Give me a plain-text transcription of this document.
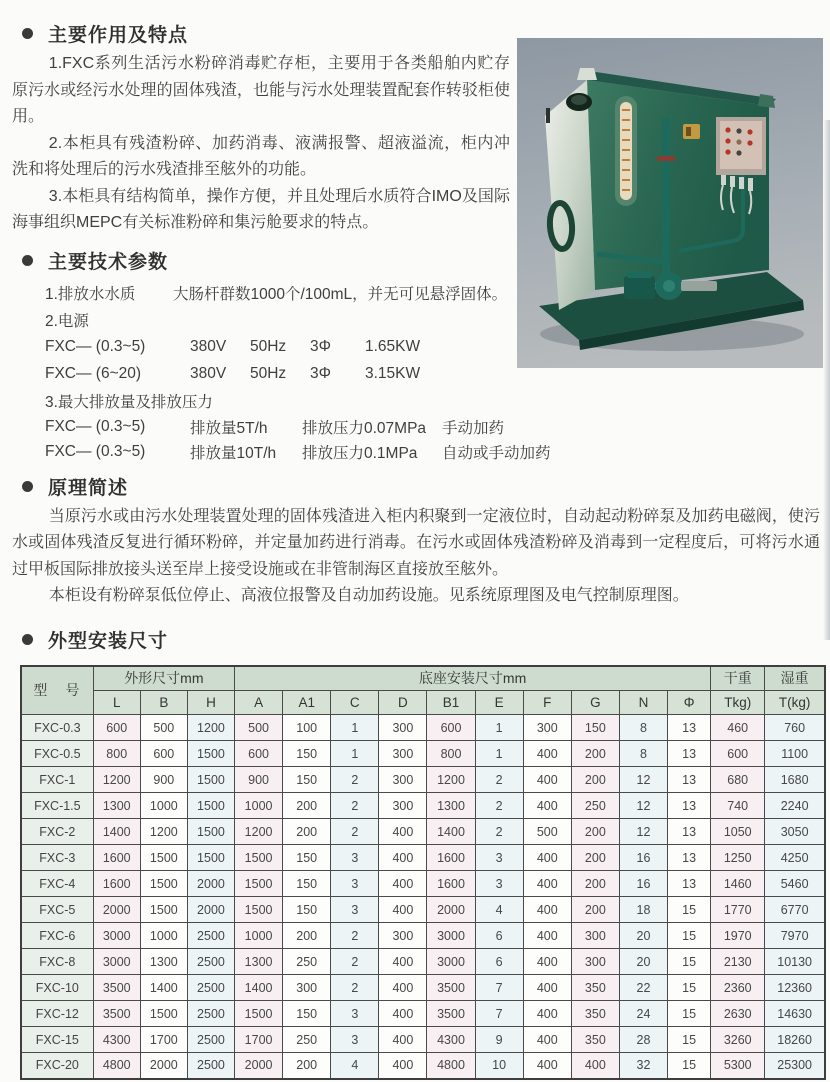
主要作用及特点

1.FXC系列生活污水粉碎消毒贮存柜，主要用于各类船舶内贮存原污水或经污水处理的固体残渣，也能与污水处理装置配套作转驳柜使用。

2.本柜具有残渣粉碎、加药消毒、液满报警、超液溢流，柜内冲洗和将处理后的污水残渣排至舷外的功能。

3.本柜具有结构简单，操作方便，并且处理后水质符合IMO及国际海事组织MEPC有关标准粉碎和集污舱要求的特点。

主要技术参数
1.排放水水质	大肠杆群数1000个/100mL，并无可见悬浮固体。
2.电源
FXC— (0.3~5)	380V	50Hz	3Φ	1.65KW
FXC— (6~20)	380V	50Hz	3Φ	3.15KW
3.最大排放量及排放压力
FXC— (0.3~5)	排放量5T/h	排放压力0.07MPa	手动加药
FXC— (0.3~5)	排放量10T/h	排放压力0.1MPa	自动或手动加药
原理简述

当原污水或由污水处理装置处理的固体残渣进入柜内积聚到一定液位时，自动起动粉碎泵及加药电磁阀，使污水或固体残渣反复进行循环粉碎，并定量加药进行消毒。在污水或固体残渣粉碎及消毒到一定程度后，可将污水通过甲板国际排放接头送至岸上接受设施或在非管制海区直接放至舷外。

本柜设有粉碎泵低位停止、高液位报警及自动加药设施。见系统原理图及电气控制原理图。

外型安装尺寸
型　号	外形尺寸mm			底座安装尺寸mm										干重	湿重
	L	B	H	A	A1	C	D	B1	E	F	G	N	Φ	Tkg)	T(kg)
FXC-0.3	600	500	1200	500	100	1	300	600	1	300	150	8	13	460	760
FXC-0.5	800	600	1500	600	150	1	300	800	1	400	200	8	13	600	1100
FXC-1	1200	900	1500	900	150	2	300	1200	2	400	200	12	13	680	1680
FXC-1.5	1300	1000	1500	1000	200	2	300	1300	2	400	250	12	13	740	2240
FXC-2	1400	1200	1500	1200	200	2	400	1400	2	500	200	12	13	1050	3050
FXC-3	1600	1500	1500	1500	150	3	400	1600	3	400	200	16	13	1250	4250
FXC-4	1600	1500	2000	1500	150	3	400	1600	3	400	200	16	13	1460	5460
FXC-5	2000	1500	2000	1500	150	3	400	2000	4	400	200	18	15	1770	6770
FXC-6	3000	1000	2500	1000	200	2	300	3000	6	400	300	20	15	1970	7970
FXC-8	3000	1300	2500	1300	250	2	400	3000	6	400	300	20	15	2130	10130
FXC-10	3500	1400	2500	1400	300	2	400	3500	7	400	350	22	15	2360	12360
FXC-12	3500	1500	2500	1500	150	3	400	3500	7	400	350	24	15	2630	14630
FXC-15	4300	1700	2500	1700	250	3	400	4300	9	400	350	28	15	3260	18260
FXC-20	4800	2000	2500	2000	200	4	400	4800	10	400	400	32	15	5300	25300
